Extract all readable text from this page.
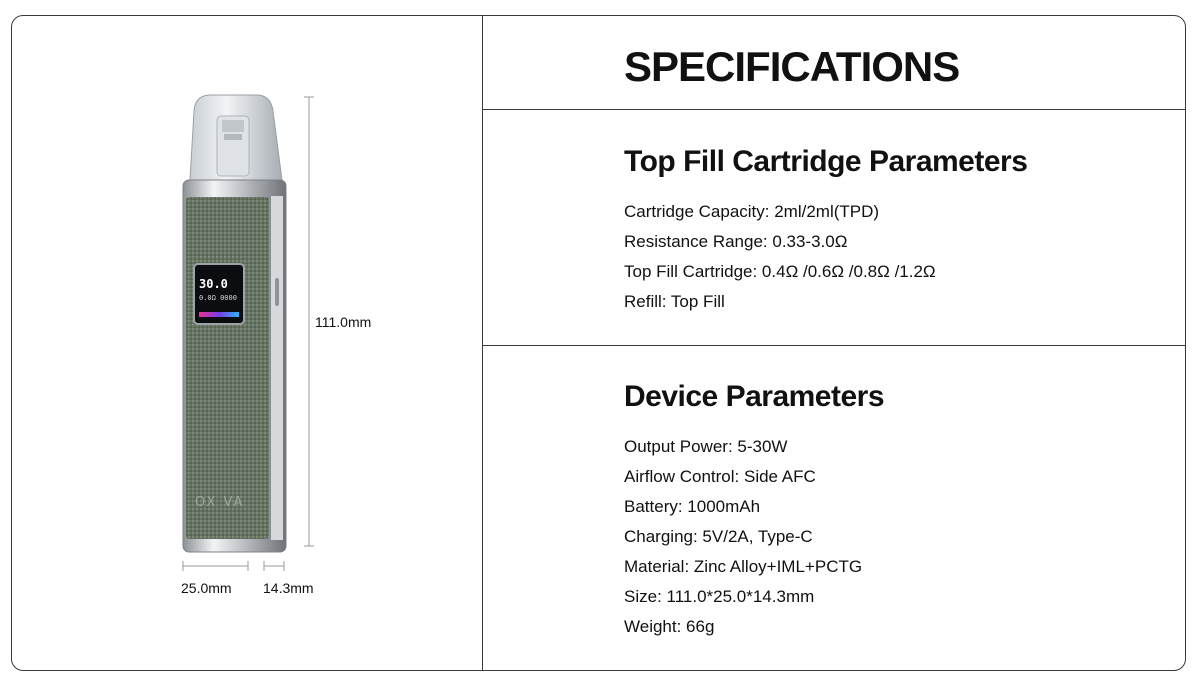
30.0
0.0Ω 0000
OX VA
111.0mm
25.0mm 14.3mm
SPECIFICATIONS
Top Fill Cartridge Parameters
Cartridge Capacity: 2ml/2ml(TPD)
Resistance Range: 0.33-3.0Ω
Top Fill Cartridge: 0.4Ω /0.6Ω /0.8Ω /1.2Ω
Refill: Top Fill
Device Parameters
Output Power: 5-30W
Airflow Control: Side AFC
Battery: 1000mAh
Charging: 5V/2A, Type-C
Material: Zinc Alloy+IML+PCTG
Size: 111.0*25.0*14.3mm
Weight: 66g
